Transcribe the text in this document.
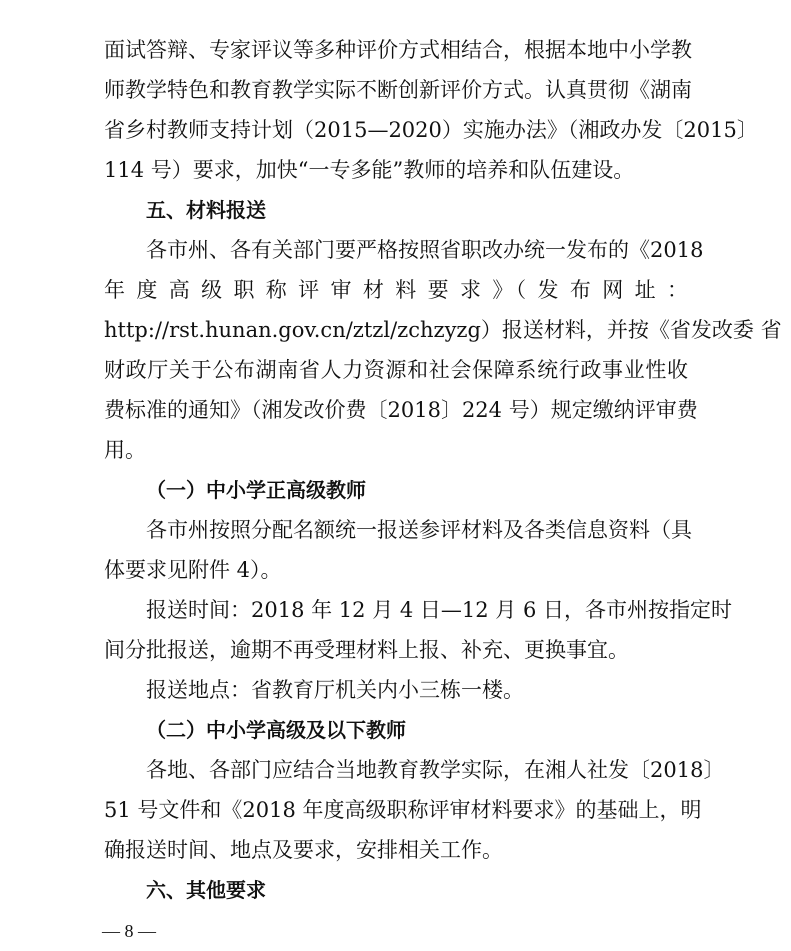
面试答辩、专家评议等多种评价方式相结合，根据本地中小学教
师教学特色和教育教学实际不断创新评价方式。认真贯彻《湖南
省乡村教师支持计划（2015—2020）实施办法》（湘政办发〔2015〕
114 号）要求，加快“一专多能”教师的培养和队伍建设。
五、材料报送
各市州、各有关部门要严格按照省职改办统一发布的《2018
年 度 高 级 职 称 评 审 材 料 要 求 》（ 发 布 网 址 ：
http://rst.hunan.gov.cn/ztzl/zchzyzg）报送材料，并按《省发改委 省
财政厅关于公布湖南省人力资源和社会保障系统行政事业性收
费标准的通知》（湘发改价费〔2018〕224 号）规定缴纳评审费
用。
（一）中小学正高级教师
各市州按照分配名额统一报送参评材料及各类信息资料（具
体要求见附件 4）。
报送时间：2018 年 12 月 4 日—12 月 6 日，各市州按指定时
间分批报送，逾期不再受理材料上报、补充、更换事宜。
报送地点：省教育厅机关内小三栋一楼。
（二）中小学高级及以下教师
各地、各部门应结合当地教育教学实际，在湘人社发〔2018〕
51 号文件和《2018 年度高级职称评审材料要求》的基础上，明
确报送时间、地点及要求，安排相关工作。
六、其他要求
— 8 —
